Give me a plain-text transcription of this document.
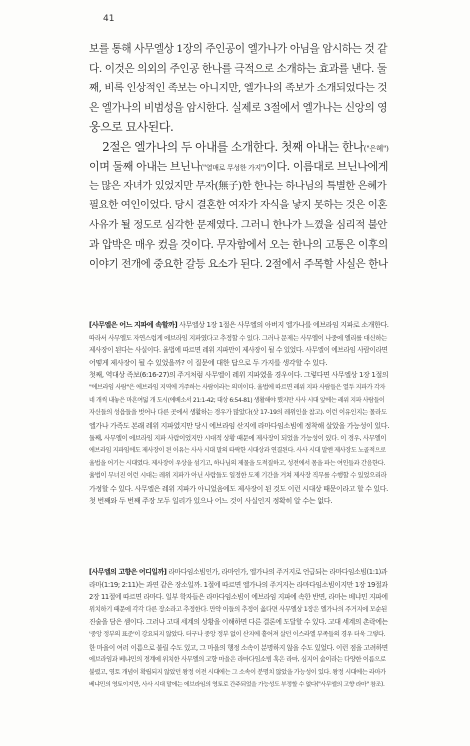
41
보를 통해 사무엘상 1장의 주인공이 엘가나가 아님을 암시하는 것 같
다. 이것은 의외의 주인공 한나를 극적으로 소개하는 효과를 낸다. 둘
째, 비록 인상적인 족보는 아니지만, 엘가나의 족보가 소개되었다는 것
은 엘가나의 비범성을 암시한다. 실제로 3절에서 엘가나는 신앙의 영
웅으로 묘사된다.
2절은 엘가나의 두 아내를 소개한다. 첫째 아내는 한나("은혜")
이며 둘째 아내는 브닌나("열매로 무성한 가지")이다. 이름대로 브닌나에게
는 많은 자녀가 있었지만 무자(無子)한 한나는 하나님의 특별한 은혜가
필요한 여인이었다. 당시 결혼한 여자가 자식을 낳지 못하는 것은 이혼
사유가 될 정도로 심각한 문제였다. 그러니 한나가 느꼈을 심리적 불안
과 압박은 매우 컸을 것이다. 무자함에서 오는 한나의 고통은 이후의
이야기 전개에 중요한 갈등 요소가 된다. 2절에서 주목할 사실은 한나
[사무엘은 어느 지파에 속할까] 사무엘상 1장 1절은 사무엘의 아버지 엘가나를 에브라임 지파로 소개한다.
따라서 사무엘도 자연스럽게 에브라임 지파였다고 추정할 수 있다. 그러나 문제는 사무엘이 나중에 엘리를 대신하는
제사장이 된다는 사실이다. 율법에 따르면 레위 지파만이 제사장이 될 수 있었다. 사무엘이 에브라임 사람이라면
어떻게 제사장이 될 수 있었을까? 이 질문에 대한 답으로 두 가지를 생각할 수 있다.
첫째, 역대상 족보(6:16-27)의 주거처럼 사무엘이 레위 지파였을 경우이다. 그렇다면 사무엘상 1장 1절의
"에브라임 사람"은 에브라임 지역에 거주하는 사람이라는 의미이다. 율법에 따르면 레위 지파 사람들은 열두 지파가 각자
네 개씩 내놓은 마흔여덟 개 도시(에베소서 21:1-42; 대상 6:54-81) 생활해야 했지만 사사 시대 앞에는 레위 지파 사람들이
자신들의 성읍들을 벗어나 다른 곳에서 생활하는 경우가 많았다(삿 17-19의 레위인을 참고). 이런 이유인지는 몰라도
엘가나 가족도 본래 레위 지파였지만 당시 에브라임 산지에 라마다임소빔에 정착해 살았을 가능성이 있다.
둘째, 사무엘이 에브라임 지파 사람이었지만 시대적 상황 때문에 제사장이 되었을 가능성이 있다. 이 경우, 사무엘이
에브라임 지파임에도 제사장이 된 이유는 사사 시대 말의 타락한 시대상과 연결된다. 사사 시대 말엔 제사장도 노골적으로
율법을 어기는 시대였다. 제사장이 우상을 섬기고, 하나님의 제물을 도적질하고, 성전에서 몸을 파는 여인들과 간음한다.
율법이 무너진 이런 시대는 레위 지파가 아닌 사람들도 일정한 도제 기간을 거쳐 제사장 직무를 수행할 수 있었으리라
가정할 수 있다. 사무엘은 레위 지파가 아니었음에도 제사장이 된 것도 이런 시대상 때문이라고 할 수 있다.
첫 번째와 두 번째 주장 모두 일리가 있으나 어느 것이 사실인지 정확히 알 수는 없다.
[사무엘의 고향은 어디일까] 라마다임소빔인가, 라마인가, 엘가나의 주거지로 언급되는 라마다임소빔(1:1)과
라마(1:19; 2:11)는 과연 같은 장소일까. 1절에 따르면 엘가나의 주거지는 라마다임소빔이지만 1장 19절과
2장 11절에 따르면 라마다. 일부 학자들은 라마다임소빔이 에브라임 지파에 속한 반면, 라마는 베냐민 지파에
위치하기 때문에 각각 다른 장소라고 추정한다. 만약 이들의 추정이 옳다면 사무엘상 1장은 엘가나의 주거지에 모순된
진술을 담은 셈이다. 그러나 고대 세계의 상황을 이해하면 다른 결론에 도달할 수 있다. 고대 세계의 촌락에는
'중앙 정부의 표준'이 강요되지 않았다. 더구나 중앙 정부 없이 산지에 흩어져 살던 이스라엘 부족들의 경우 더욱 그렇다.
한 마을이 여러 이름으로 불릴 수도 있고, 그 마을의 행정 소속이 분명하지 않을 수도 있었다. 이런 점을 고려하면
에브라임과 베냐민의 경계에 위치한 사무엘의 고향 마을은 라마다임소빔 혹은 라마, 심지어 숩이라는 다양한 이름으로
불렸고, 영토 개념이 확립되지 않았던 왕정 이전 시대에는 그 소속이 분명치 않았을 가능성이 있다. 왕정 시대에는 라마가
베냐민의 영토이지만, 사사 시대 말에는 에브라임의 영토로 간주되었을 가능성도 부정할 수 없다("사무엘의 고향 라마" 참조).
